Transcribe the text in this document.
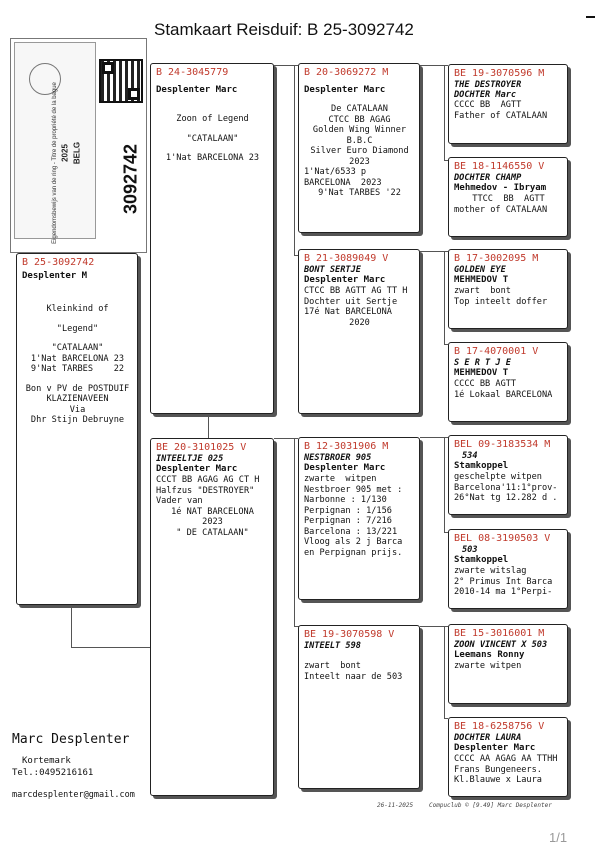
Stamkaart Reisduif: B 25-3092742
Eigendomsbewijs van de ring - Titre de propriété de la bague 2025 BELG 3092742
B 25-3092742
Desplenter M
Kleinkind of
"Legend"
"CATALAAN"
1'Nat BARCELONA 23
9'Nat TARBES    22
Bon v PV de POSTDUIF
KLAZIENAVEEN
Via
Dhr Stijn Debruyne
B 24-3045779
Desplenter Marc
Zoon of Legend
"CATALAAN"
1'Nat BARCELONA 23
BE 20-3101025 V
INTEELTJE 025
Desplenter Marc
CCCT BB AGAG AG CT H
Halfzus "DESTROYER"
Vader van
1é NAT BARCELONA
2023
" DE CATALAAN"
B 20-3069272 M
Desplenter Marc
De CATALAAN
CTCC BB AGAG
Golden Wing Winner
B.B.C
Silver Euro Diamond
2023
1'Nat/6533 p
BARCELONA  2023
9'Nat TARBES '22
B 21-3089049 V
BONT SERTJE
Desplenter Marc
CTCC BB AGTT AG TT H
Dochter uit Sertje
17é Nat BARCELONA
2020
B 12-3031906 M
NESTBROER 905
Desplenter Marc
zwarte  witpen
Nestbroer 905 met :
Narbonne : 1/130
Perpignan : 1/156
Perpignan : 7/216
Barcelona : 13/221
Vloog als 2 j Barca
en Perpignan prijs.
BE 19-3070598 V
INTEELT 598
zwart  bont
Inteelt naar de 503
BE 19-3070596 M
THE DESTROYER
DOCHTER Marc
CCCC BB  AGTT
Father of CATALAAN
BE 18-1146550 V
DOCHTER CHAMP
Mehmedov - Ibryam
TTCC  BB  AGTT
mother of CATALAAN
B 17-3002095 M
GOLDEN EYE
MEHMEDOV T
zwart  bont
Top inteelt doffer
B 17-4070001 V
S E R T J E
MEHMEDOV T
CCCC BB AGTT
1é Lokaal BARCELONA
BEL 09-3183534 M
534
Stamkoppel
geschelpte witpen
Barcelona'11:1°prov-
26°Nat tg 12.282 d .
BEL 08-3190503 V
503
Stamkoppel
zwarte witslag
2° Primus Int Barca
2010-14 ma 1°Perpi-
BE 15-3016001 M
ZOON VINCENT X 503
Leemans Ronny
zwarte witpen
BE 18-6258756 V
DOCHTER LAURA
Desplenter Marc
CCCC AA AGAG AA TTHH
Frans Bungeneers.
Kl.Blauwe x Laura
Marc Desplenter
Kortemark
Tel.:0495216161
marcdesplenter@gmail.com
26-11-2025	Compuclub © [9.49] Marc Desplenter
1/1
